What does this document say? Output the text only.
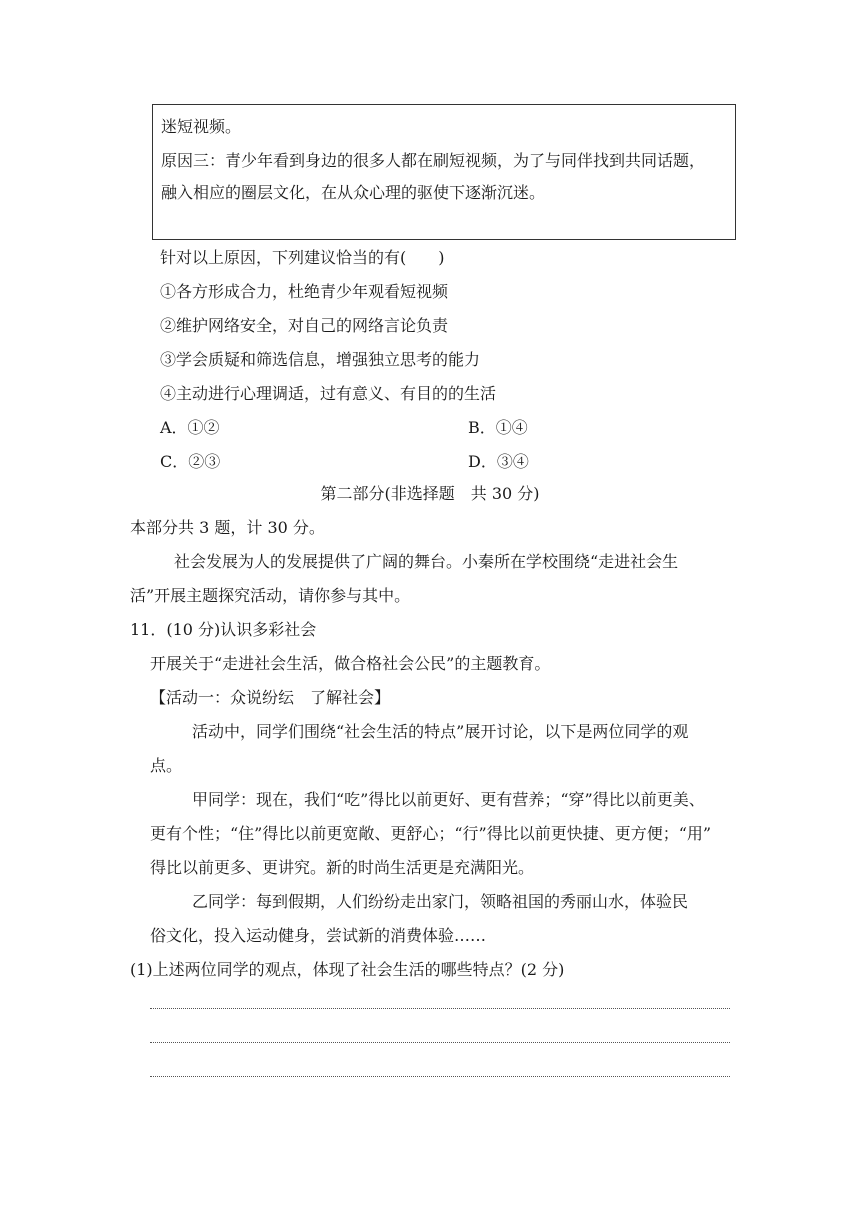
迷短视频。
原因三：青少年看到身边的很多人都在刷短视频，为了与同伴找到共同话题，
融入相应的圈层文化，在从众心理的驱使下逐渐沉迷。
针对以上原因，下列建议恰当的有(　　)
①各方形成合力，杜绝青少年观看短视频
②维护网络安全，对自己的网络言论负责
③学会质疑和筛选信息，增强独立思考的能力
④主动进行心理调适，过有意义、有目的的生活
A．①②	B．①④
C．②③	D．③④
第二部分(非选择题　共 30 分)
本部分共 3 题，计 30 分。
社会发展为人的发展提供了广阔的舞台。小秦所在学校围绕“走进社会生
活”开展主题探究活动，请你参与其中。
11．(10 分)认识多彩社会
开展关于“走进社会生活，做合格社会公民”的主题教育。
【活动一：众说纷纭　了解社会】
活动中，同学们围绕“社会生活的特点”展开讨论，以下是两位同学的观
点。
甲同学：现在，我们“吃”得比以前更好、更有营养；“穿”得比以前更美、
更有个性；“住”得比以前更宽敞、更舒心；“行”得比以前更快捷、更方便；“用”
得比以前更多、更讲究。新的时尚生活更是充满阳光。
乙同学：每到假期，人们纷纷走出家门，领略祖国的秀丽山水，体验民
俗文化，投入运动健身，尝试新的消费体验……
(1)上述两位同学的观点，体现了社会生活的哪些特点？(2 分)
